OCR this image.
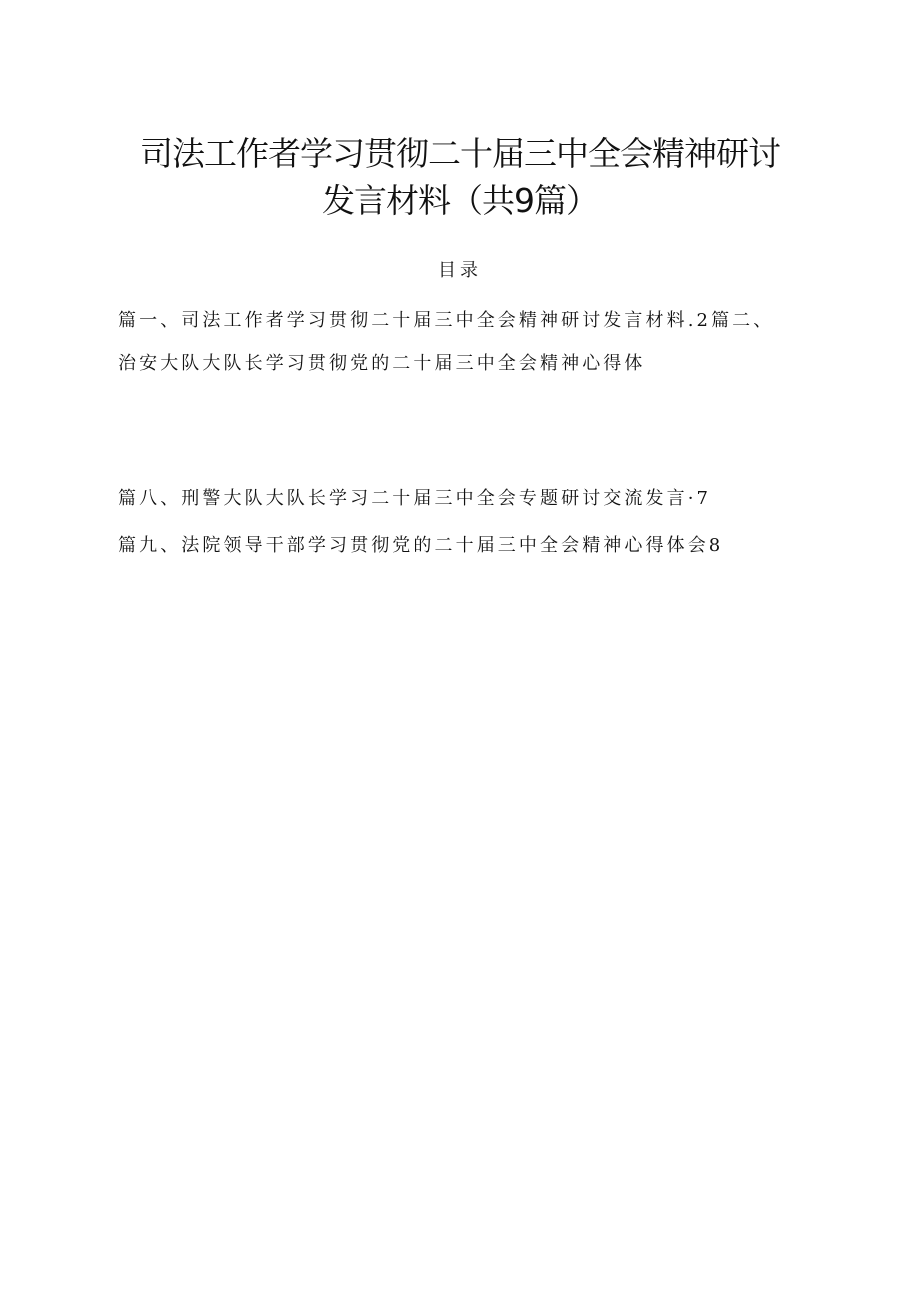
司法工作者学习贯彻二十届三中全会精神研讨
发言材料（共9篇）
目录
篇一、司法工作者学习贯彻二十届三中全会精神研讨发言材料.2篇二、
治安大队大队长学习贯彻党的二十届三中全会精神心得体
篇八、刑警大队大队长学习二十届三中全会专题研讨交流发言·7
篇九、法院领导干部学习贯彻党的二十届三中全会精神心得体会8
